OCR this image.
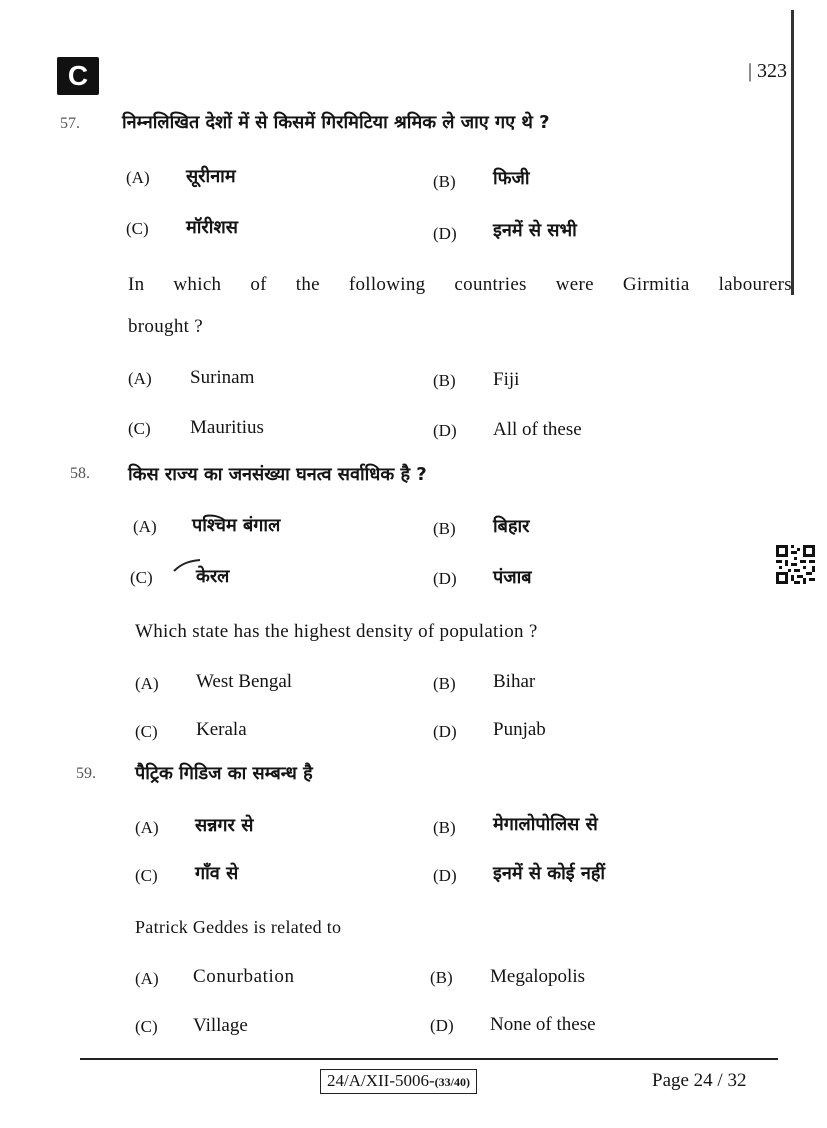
C	| 323
57. निम्नलिखित देशों में से किसमें गिरमिटिया श्रमिक ले जाए गए थे ?
(A) सूरीनाम	(B) फिजी
(C) मॉरीशस	(D) इनमें से सभी
In which of the following countries were Girmitia labourers
brought ?
(A) Surinam	(B) Fiji
(C) Mauritius	(D) All of these
58. किस राज्य का जनसंख्या घनत्व सर्वाधिक है ?
(A) पश्चिम बंगाल	(B) बिहार
(C) केरल	(D) पंजाब
Which state has the highest density of population ?
(A) West Bengal	(B) Bihar
(C) Kerala	(D) Punjab
59. पैट्रिक गिडिज का सम्बन्ध है
(A) सन्नगर से	(B) मेगालोपोलिस से
(C) गाँव से	(D) इनमें से कोई नहीं
Patrick Geddes is related to
(A) Conurbation	(B) Megalopolis
(C) Village	(D) None of these
24/A/XII-5006-(33/40)	Page 24 / 32
